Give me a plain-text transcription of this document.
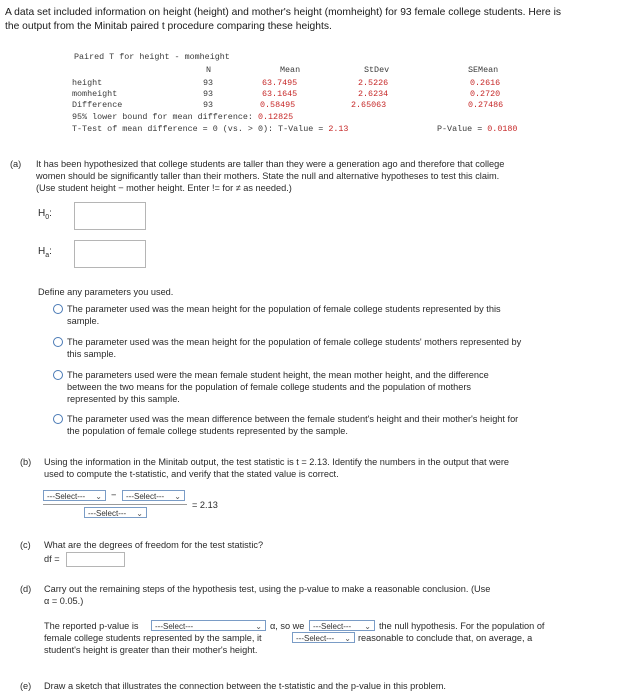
A data set included information on height (height) and mother's height (momheight) for 93 female college students. Here is
the output from the Minitab paired t procedure comparing these heights.
Paired T for height - momheight
N	Mean	StDev	SEMean
height	93	63.7495	2.5226	0.2616
momheight	93	63.1645	2.6234	0.2720
Difference	93	0.58495	2.65063	0.27486
95% lower bound for mean difference: 0.12825
T-Test of mean difference = 0 (vs. > 0): T-Value = 2.13	P-Value = 0.0180
(a) It has been hypothesized that college students are taller than they were a generation ago and therefore that college
women should be significantly taller than their mothers. State the null and alternative hypotheses to test this claim.
(Use student height − mother height. Enter != for ≠ as needed.)
$H_0$:
$H_a$:
Define any parameters you used.
The parameter used was the mean height for the population of female college students represented by this
sample.
The parameter used was the mean height for the population of female college students' mothers represented by
this sample.
The parameters used were the mean female student height, the mean mother height, and the difference
between the two means for the population of female college students and the population of mothers
represented by this sample.
The parameter used was the mean difference between the female student's height and their mother's height for
the population of female college students represented by the sample.
(b) Using the information in the Minitab output, the test statistic is t = 2.13. Identify the numbers in the output that were
used to compute the t-statistic, and verify that the stated value is correct.
---Select--- ⌄ −	---Select--- ⌄
---Select--- ⌄
= 2.13
(c) What are the degrees of freedom for the test statistic?
df =
(d) Carry out the remaining steps of the hypothesis test, using the p-value to make a reasonable conclusion. (Use
α = 0.05.)
The reported p-value is	---Select---	⌄ α, so we	---Select--- ⌄ the null hypothesis. For the population of
female college students represented by the sample, it	---Select--- ⌄ reasonable to conclude that, on average, a
student's height is greater than their mother's height.
(e) Draw a sketch that illustrates the connection between the t-statistic and the p-value in this problem.
